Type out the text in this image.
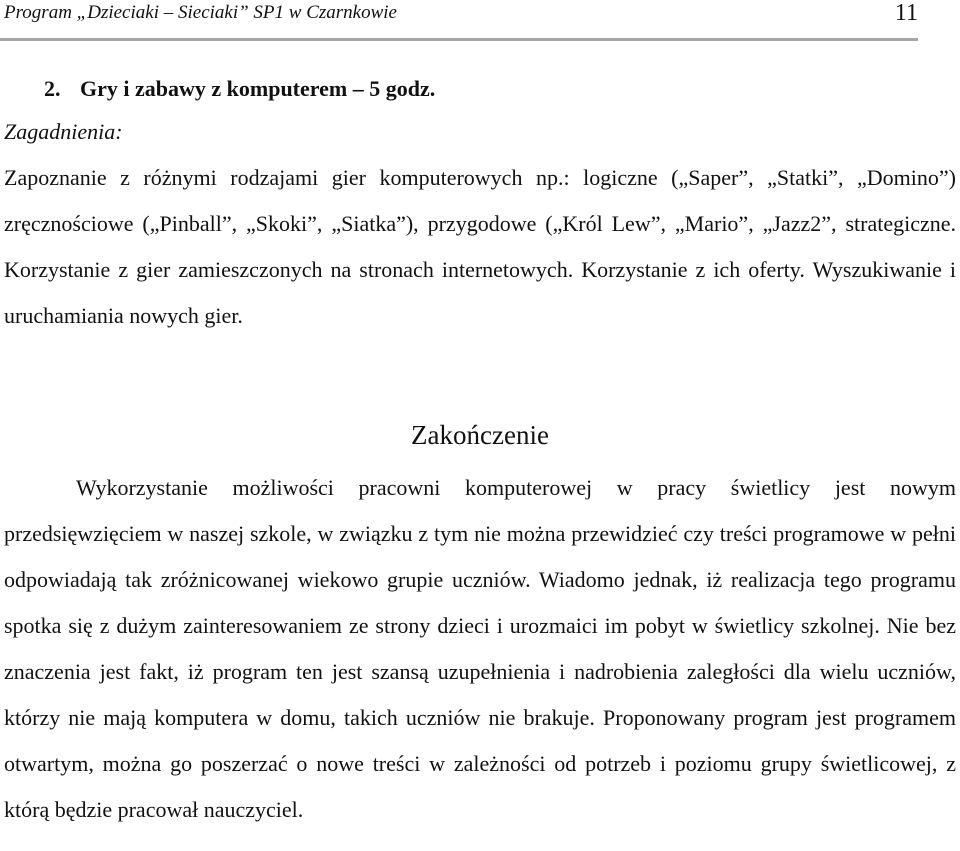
Program „Dzieciaki – Sieciaki” SP1 w Czarnkowie	11
2. Gry i zabawy z komputerem – 5 godz.
Zagadnienia:

Zapoznanie z różnymi rodzajami gier komputerowych np.: logiczne („Saper”, „Statki”, „Domino”) zręcznościowe („Pinball”, „Skoki”, „Siatka”), przygodowe („Król Lew”, „Mario”, „Jazz2”, strategiczne. Korzystanie z gier zamieszczonych na stronach internetowych. Korzystanie z ich oferty. Wyszukiwanie i uruchamiania nowych gier.

Zakończenie

Wykorzystanie możliwości pracowni komputerowej w pracy świetlicy jest nowym przedsięwzięciem w naszej szkole, w związku z tym nie można przewidzieć czy treści programowe w pełni odpowiadają tak zróżnicowanej wiekowo grupie uczniów. Wiadomo jednak, iż realizacja tego programu spotka się z dużym zainteresowaniem ze strony dzieci i urozmaici im pobyt w świetlicy szkolnej. Nie bez znaczenia jest fakt, iż program ten jest szansą uzupełnienia i nadrobienia zaległości dla wielu uczniów, którzy nie mają komputera w domu, takich uczniów nie brakuje. Proponowany program jest programem otwartym, można go poszerzać o nowe treści w zależności od potrzeb i poziomu grupy świetlicowej, z którą będzie pracował nauczyciel.
